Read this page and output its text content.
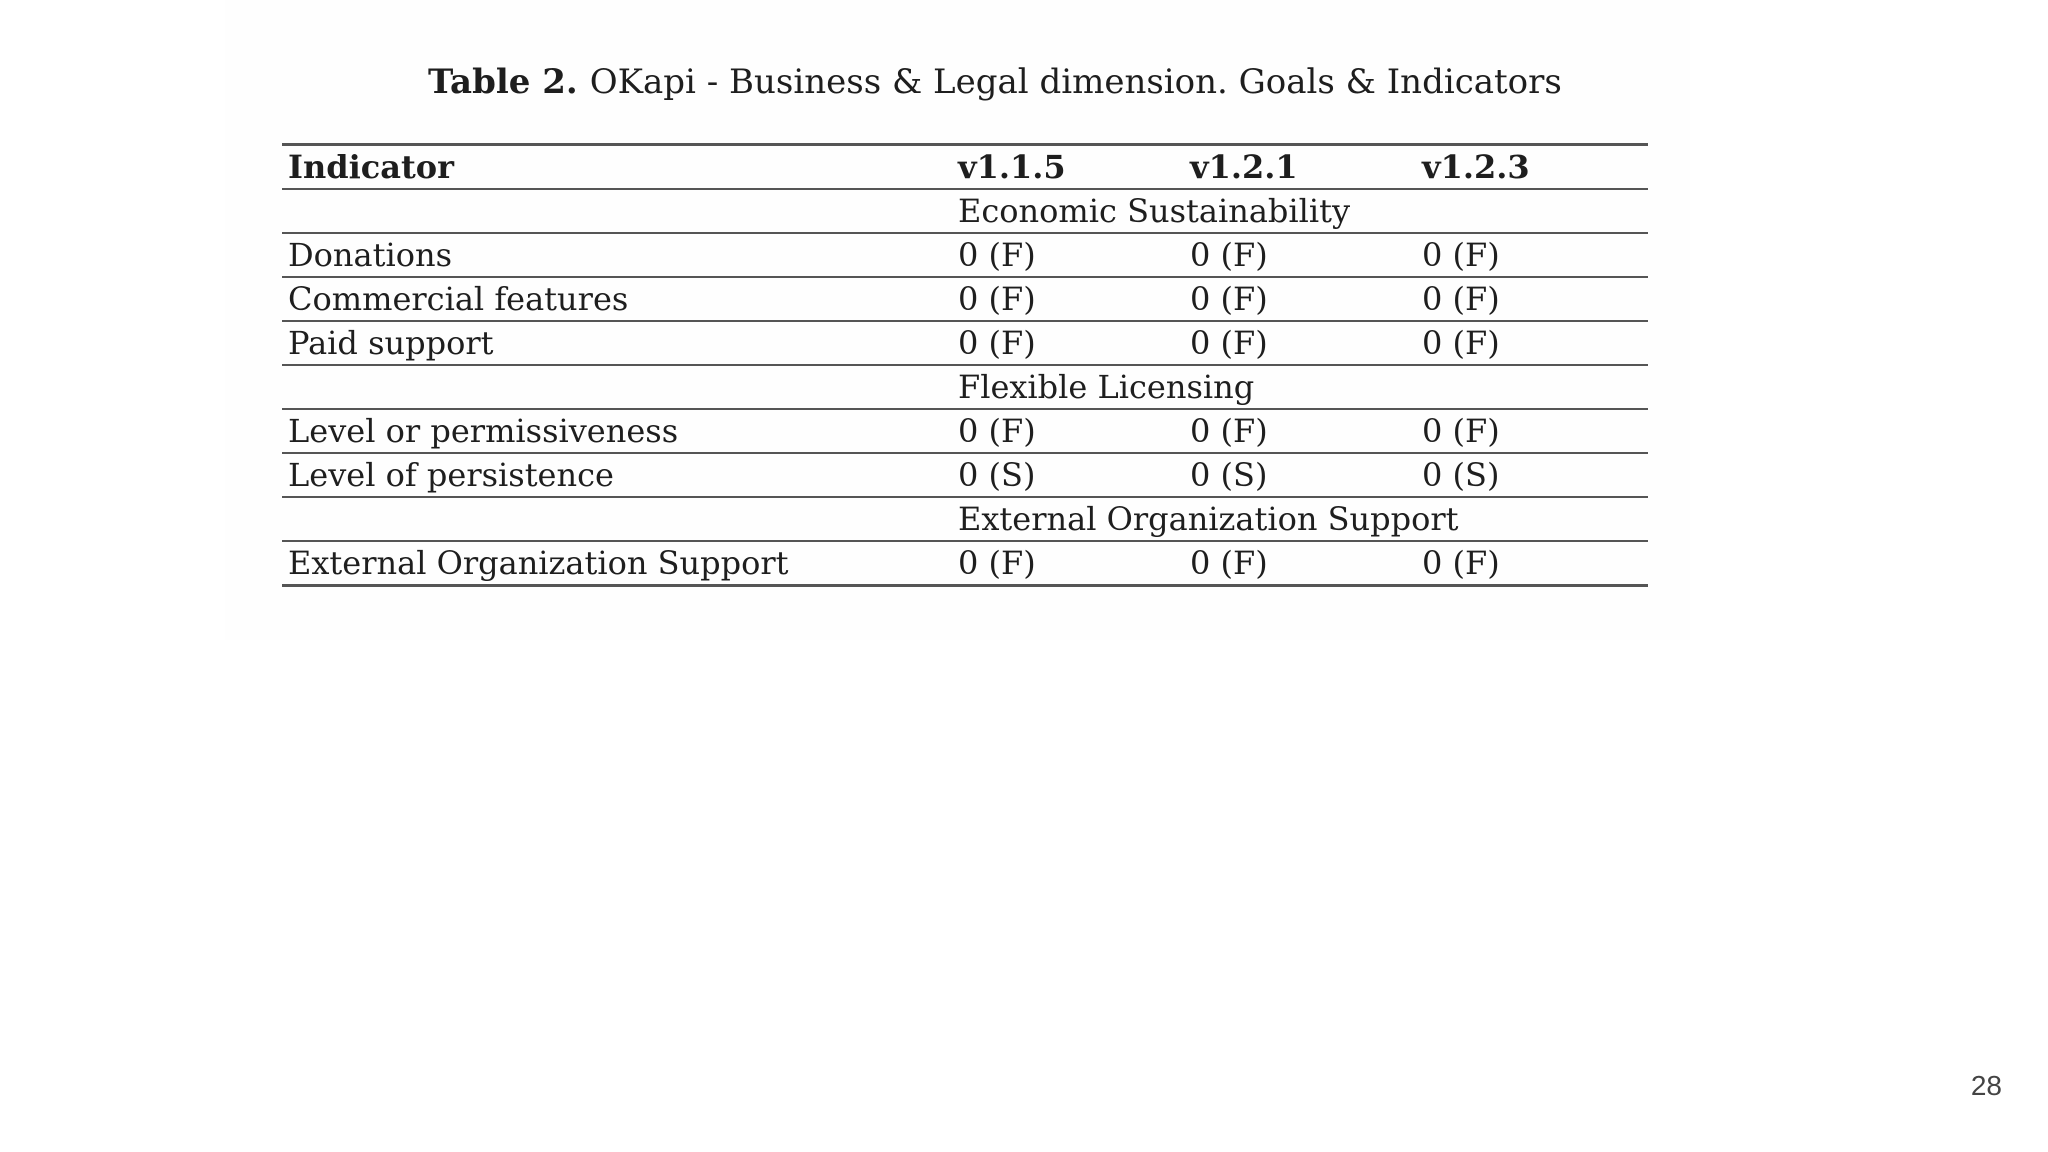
Table 2. OKapi - Business & Legal dimension. Goals & Indicators
Indicator	v1.1.5	v1.2.1	v1.2.3
	Economic Sustainability		
Donations	0 (F)	0 (F)	0 (F)
Commercial features	0 (F)	0 (F)	0 (F)
Paid support	0 (F)	0 (F)	0 (F)
	Flexible Licensing		
Level or permissiveness	0 (F)	0 (F)	0 (F)
Level of persistence	0 (S)	0 (S)	0 (S)
	External Organization Support		
External Organization Support	0 (F)	0 (F)	0 (F)
28
